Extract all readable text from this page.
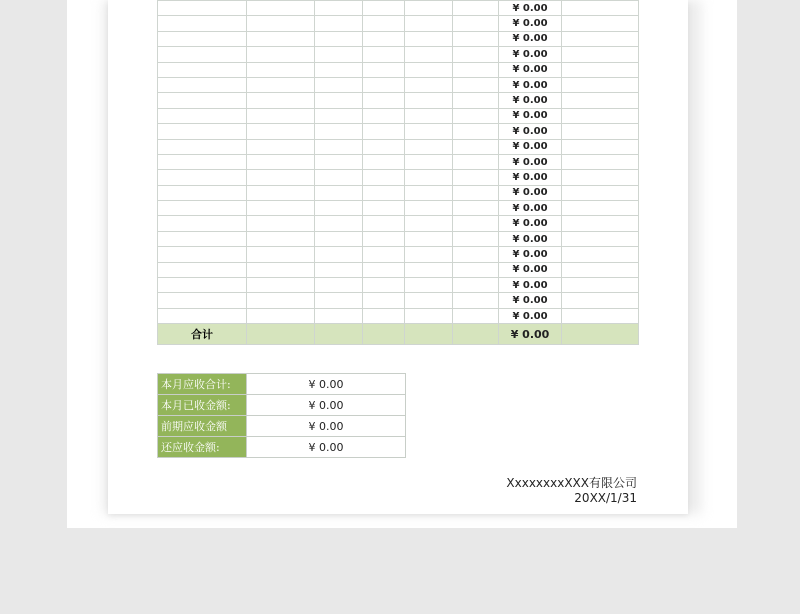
						¥ 0.00	
						¥ 0.00	
						¥ 0.00	
						¥ 0.00	
						¥ 0.00	
						¥ 0.00	
						¥ 0.00	
						¥ 0.00	
						¥ 0.00	
						¥ 0.00	
						¥ 0.00	
						¥ 0.00	
						¥ 0.00	
						¥ 0.00	
						¥ 0.00	
						¥ 0.00	
						¥ 0.00	
						¥ 0.00	
						¥ 0.00	
						¥ 0.00	
						¥ 0.00	
合计						¥ 0.00	
本月应收合计:	¥ 0.00
本月已收金额:	¥ 0.00
前期应收金额	¥ 0.00
还应收金额:	¥ 0.00
XxxxxxxxXXX有限公司
20XX/1/31
